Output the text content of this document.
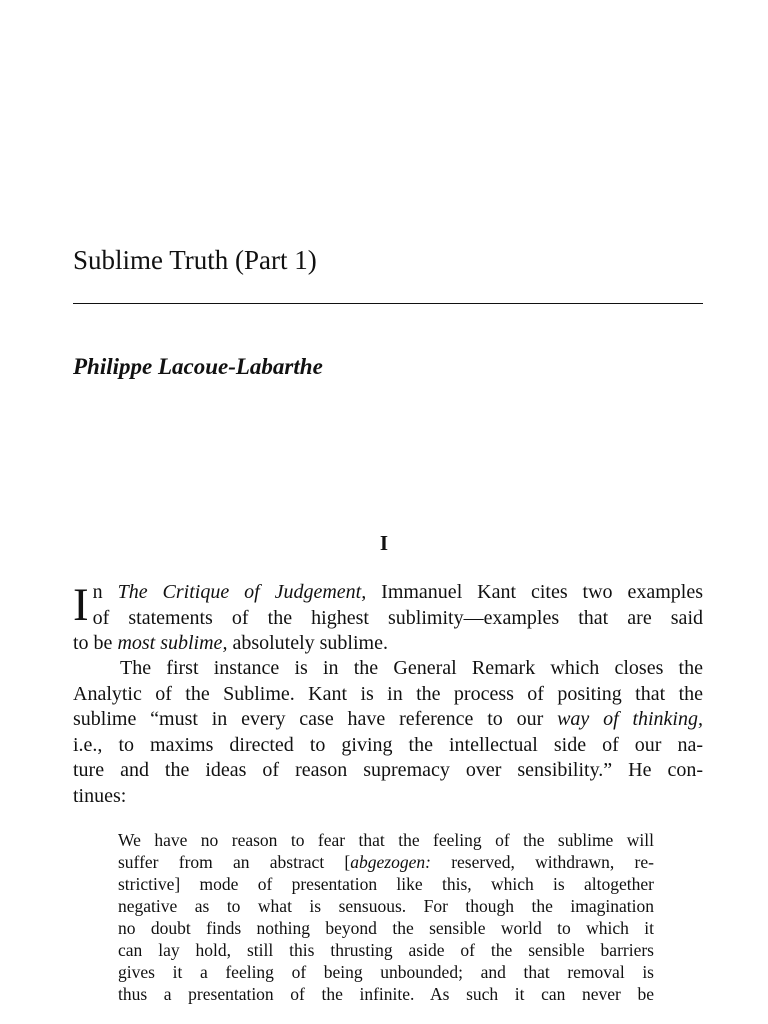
Sublime Truth (Part 1)
Philippe Lacoue-Labarthe
I
I n The Critique of Judgement, Immanuel Kant cites two examples
of statements of the highest sublimity—examples that are said
to be most sublime, absolutely sublime.
The first instance is in the General Remark which closes the
Analytic of the Sublime. Kant is in the process of positing that the
sublime “must in every case have reference to our way of thinking,
i.e., to maxims directed to giving the intellectual side of our na-
ture and the ideas of reason supremacy over sensibility.” He con-
tinues:
We have no reason to fear that the feeling of the sublime will
suffer from an abstract [abgezogen: reserved, withdrawn, re-
strictive] mode of presentation like this, which is altogether
negative as to what is sensuous. For though the imagination
no doubt finds nothing beyond the sensible world to which it
can lay hold, still this thrusting aside of the sensible barriers
gives it a feeling of being unbounded; and that removal is
thus a presentation of the infinite. As such it can never be
